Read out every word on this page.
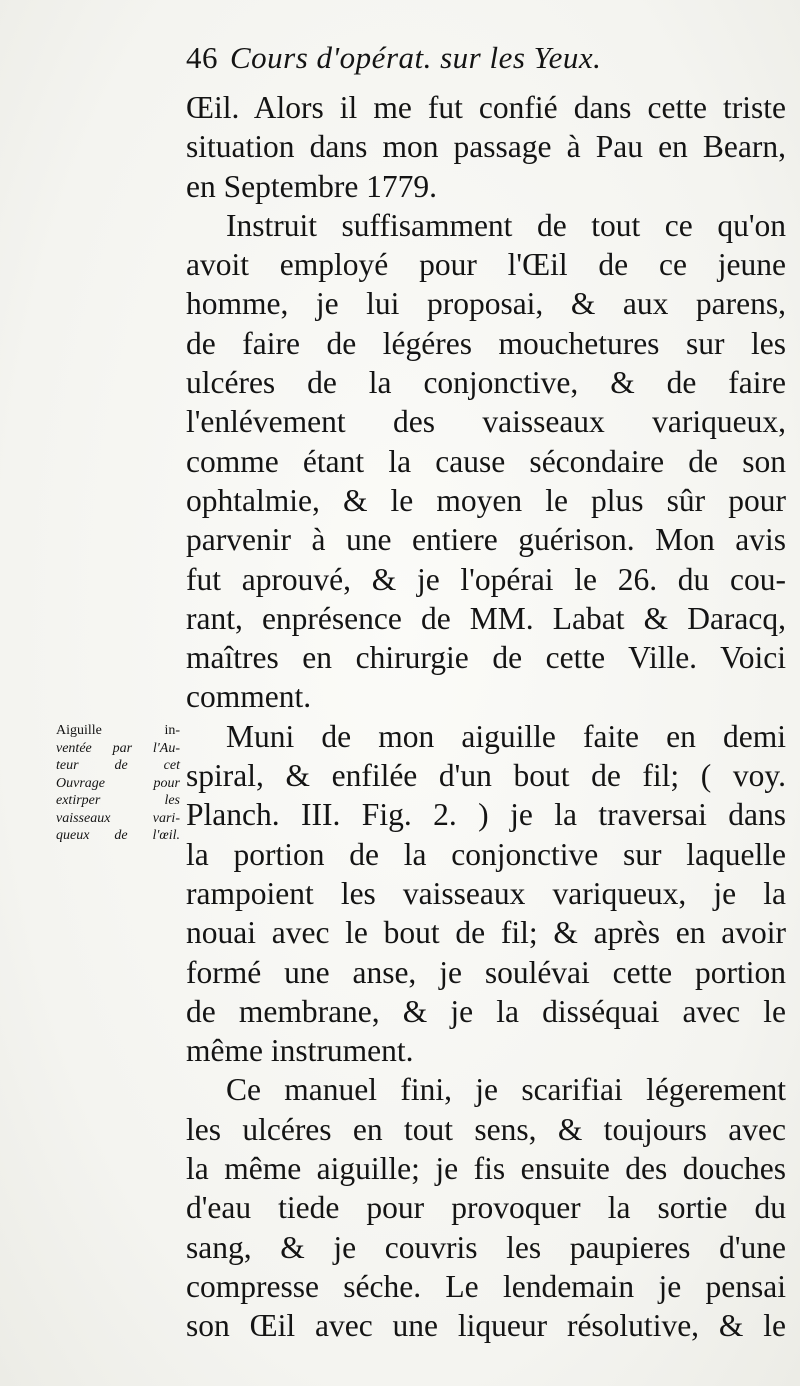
46 Cours d'opérat. sur les Yeux.
Aiguille in-
ventée par l'Au-
teur de cet
Ouvrage pour
extirper les
vaisseaux vari-
queux de l'œil.
Œil. Alors il me fut confié dans cette triste
situation dans mon passage à Pau en Bearn,
en Septembre 1779.
Instruit suffisamment de tout ce qu'on
avoit employé pour l'Œil de ce jeune
homme, je lui proposai, & aux parens,
de faire de légéres mouchetures sur les
ulcéres de la conjonctive, & de faire
l'enlévement des vaisseaux variqueux,
comme étant la cause sécondaire de son
ophtalmie, & le moyen le plus sûr pour
parvenir à une entiere guérison. Mon avis
fut aprouvé, & je l'opérai le 26. du cou-
rant, enprésence de MM. Labat & Daracq,
maîtres en chirurgie de cette Ville. Voici
comment.
Muni de mon aiguille faite en demi
spiral, & enfilée d'un bout de fil; ( voy.
Planch. III. Fig. 2. ) je la traversai dans
la portion de la conjonctive sur laquelle
rampoient les vaisseaux variqueux, je la
nouai avec le bout de fil; & après en avoir
formé une anse, je soulévai cette portion
de membrane, & je la disséquai avec le
même instrument.
Ce manuel fini, je scarifiai légerement
les ulcéres en tout sens, & toujours avec
la même aiguille; je fis ensuite des douches
d'eau tiede pour provoquer la sortie du
sang, & je couvris les paupieres d'une
compresse séche. Le lendemain je pensai
son Œil avec une liqueur résolutive, & le
